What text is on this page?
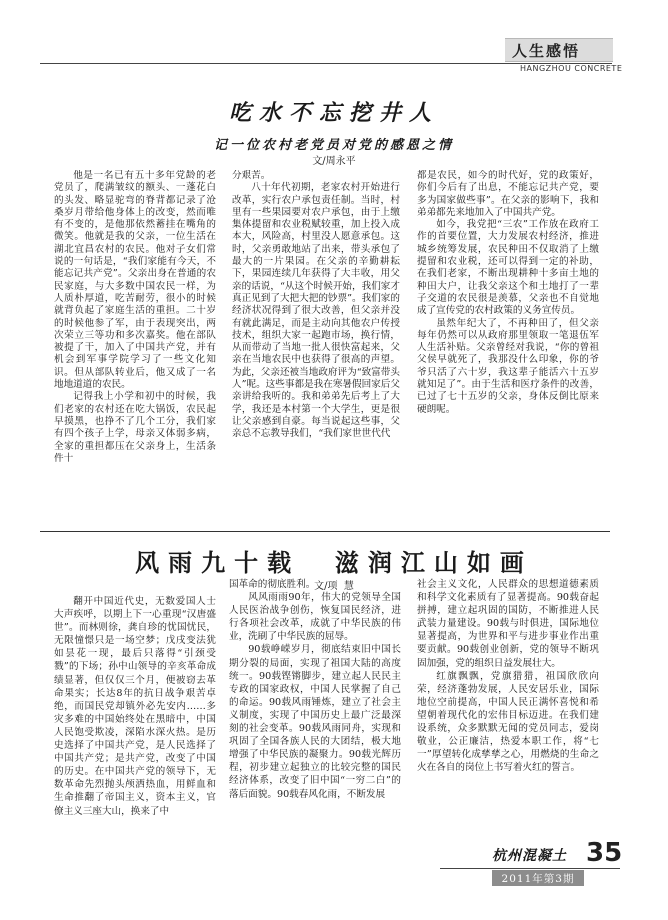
人生感悟
HANGZHOU CONCRETE
吃水不忘挖井人
记一位农村老党员对党的感恩之情
文/周永平

他是一名已有五十多年党龄的老党员了，爬满皱纹的额头、一蓬花白的头发、略显驼弯的脊背都记录了沧桑岁月带给他身体上的改变，然而唯有不变的，是他那依然蓄挂在嘴角的微笑。他就是我的父亲，一位生活在湖北宜昌农村的农民。他对子女们常说的一句话是，“我们家能有今天，不能忘记共产党”。父亲出身在普通的农民家庭，与大多数中国农民一样，为人质朴厚道，吃苦耐劳，很小的时候就背负起了家庭生活的重担。二十岁的时候他参了军，由于表现突出，两次荣立三等功和多次嘉奖。他在部队被提了干，加入了中国共产党，并有机会到军事学院学习了一些文化知识。但从部队转业后，他又成了一名地地道道的农民。

记得我上小学和初中的时候，我们老家的农村还在吃大锅饭，农民起早摸黑，也挣不了几个工分，我们家有四个孩子上学，母亲又体弱多病，全家的重担都压在父亲身上，生活条件十

分艰苦。

八十年代初期，老家农村开始进行改革，实行农户承包责任制。当时，村里有一些果园要对农户承包，由于上缴集体提留和农业税赋较重，加上投入成本大，风险高，村里没人愿意承包。这时，父亲勇敢地站了出来，带头承包了最大的一片果园。在父亲的辛勤耕耘下，果园连续几年获得了大丰收，用父亲的话说，“从这个时候开始，我们家才真正见到了大把大把的钞票”。我们家的经济状况得到了很大改善，但父亲并没有就此满足，而是主动向其他农户传授技术，组织大家一起跑市场，换行情，从而带动了当地一批人很快富起来，父亲在当地农民中也获得了很高的声望。为此，父亲还被当地政府评为“致富带头人”呢。这些事都是我在寒暑假回家后父亲讲给我听的。我和弟弟先后考上了大学，我还是本村第一个大学生，更是很让父亲感到自豪。每当说起这些事，父亲总不忘教导我们，“我们家世世代代

都是农民，如今的时代好，党的政策好，你们今后有了出息，不能忘记共产党，要多为国家做些事”。在父亲的影响下，我和弟弟都先来地加入了中国共产党。

如今，我党把“三农”工作放在政府工作的首要位置，大力发展农村经济，推进城乡统筹发展，农民种田不仅取消了上缴提留和农业税，还可以得到一定的补助，在我们老家，不断出现耕种十多亩土地的种田大户，让我父亲这个和土地打了一辈子交道的农民很是羡慕，父亲也不自觉地成了宣传党的农村政策的义务宣传员。

虽然年纪大了，不再种田了，但父亲每年仍然可以从政府那里领取一笔退伍军人生活补贴。父亲曾经对我说，“你的曾祖父侯早就死了，我那没什么印象，你的爷爷只活了六十岁，我这辈子能活六十五岁就知足了”。由于生活和医疗条件的改善，已过了七十五岁的父亲，身体反倒比原来硬朗呢。

风雨九十载  滋润江山如画
文/项  慧

翻开中国近代史，无数爱国人士大声疾呼，以期上下一心重现“汉唐盛世”。而林则徐，龚自珍的忧国忧民，无限憧憬只是一场空梦；戊戌变法犹如昙花一现，最后只落得“引颈受戮”的下场；孙中山领导的辛亥革命成绩显著，但仅仅三个月，便被窃去革命果实；长达8年的抗日战争艰苦卓绝，而国民党却镇外必先安内……多灾多难的中国始终处在黑暗中，中国人民饱受欺凌，深陷水深火热。是历史选择了中国共产党，是人民选择了中国共产党；是共产党，改变了中国的历史。在中国共产党的领导下，无数革命先烈抛头颅洒热血，用鲜血和生命推翻了帝国主义，资本主义，官僚主义三座大山，换来了中

国革命的彻底胜利。

风风雨雨90年，伟大的党领导全国人民医治战争创伤，恢复国民经济，进行各项社会改革，成就了中华民族的伟业，洗刷了中华民族的屈辱。

90载峥嵘岁月，彻底结束旧中国长期分裂的局面，实现了祖国大陆的高度统一。90载铿锵脚步，建立起人民民主专政的国家政权，中国人民掌握了自己的命运。90载风雨锤炼，建立了社会主义制度，实现了中国历史上最广泛最深刻的社会变革。90载风雨同舟，实现和巩固了全国各族人民的大团结，极大地增强了中华民族的凝聚力。90载光辉历程，初步建立起独立的比较完整的国民经济体系，改变了旧中国“一穷二白”的落后面貌。90载春风化雨，不断发展

社会主义文化，人民群众的思想道德素质和科学文化素质有了显著提高。90载奋起拼搏，建立起巩固的国防，不断推进人民武装力量建设。90载与时俱进，国际地位显著提高，为世界和平与进步事业作出重要贡献。90载创业创新，党的领导不断巩固加强，党的组织日益发展壮大。

红旗飘飘，党旗猎猎，祖国欣欣向荣，经济蓬勃发展，人民安居乐业，国际地位空前提高，中国人民正满怀喜悦和希望朝着现代化的宏伟目标迈进。在我们建设系统，众多默默无闻的党员同志，爱岗敬业，公正廉洁，热爱本职工作，将“七一”厚望转化成孳孳之心，用燃烧的生命之火在各自的岗位上书写着火红的誓言。

杭州混凝土 35
2011年第3期
